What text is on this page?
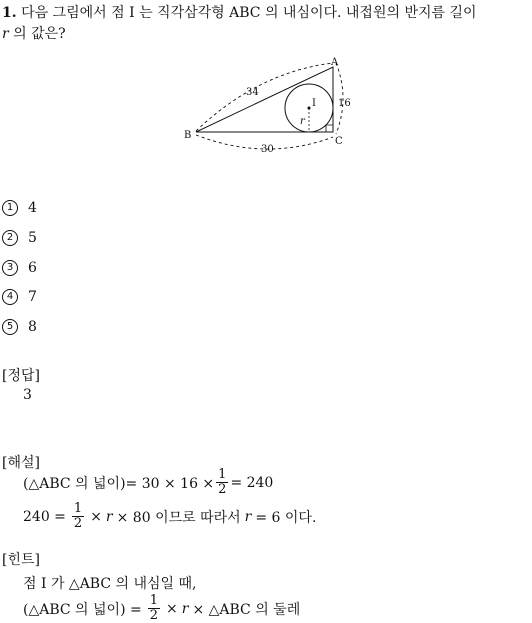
1. 다음 그림에서 점 I 는 직각삼각형 ABC 의 내심이다. 내접원의 반지름 길이
r 의 값은?
A
B
C
I
r
34
30
16
1	4
2	5
3	6
4	7
5	8
[정답]
3
[해설]
(△ABC 의 넓이)= $30 \times 16 \times \frac{1}{2} = 240$
$240 = \frac{1}{2} \times r \times 80$ 이므로 따라서 r = 6 이다.
[힌트]
점 I 가 △ABC 의 내심일 때,
(△ABC 의 넓이) = $\frac{1}{2} \times r$ × △ABC 의 둘레
